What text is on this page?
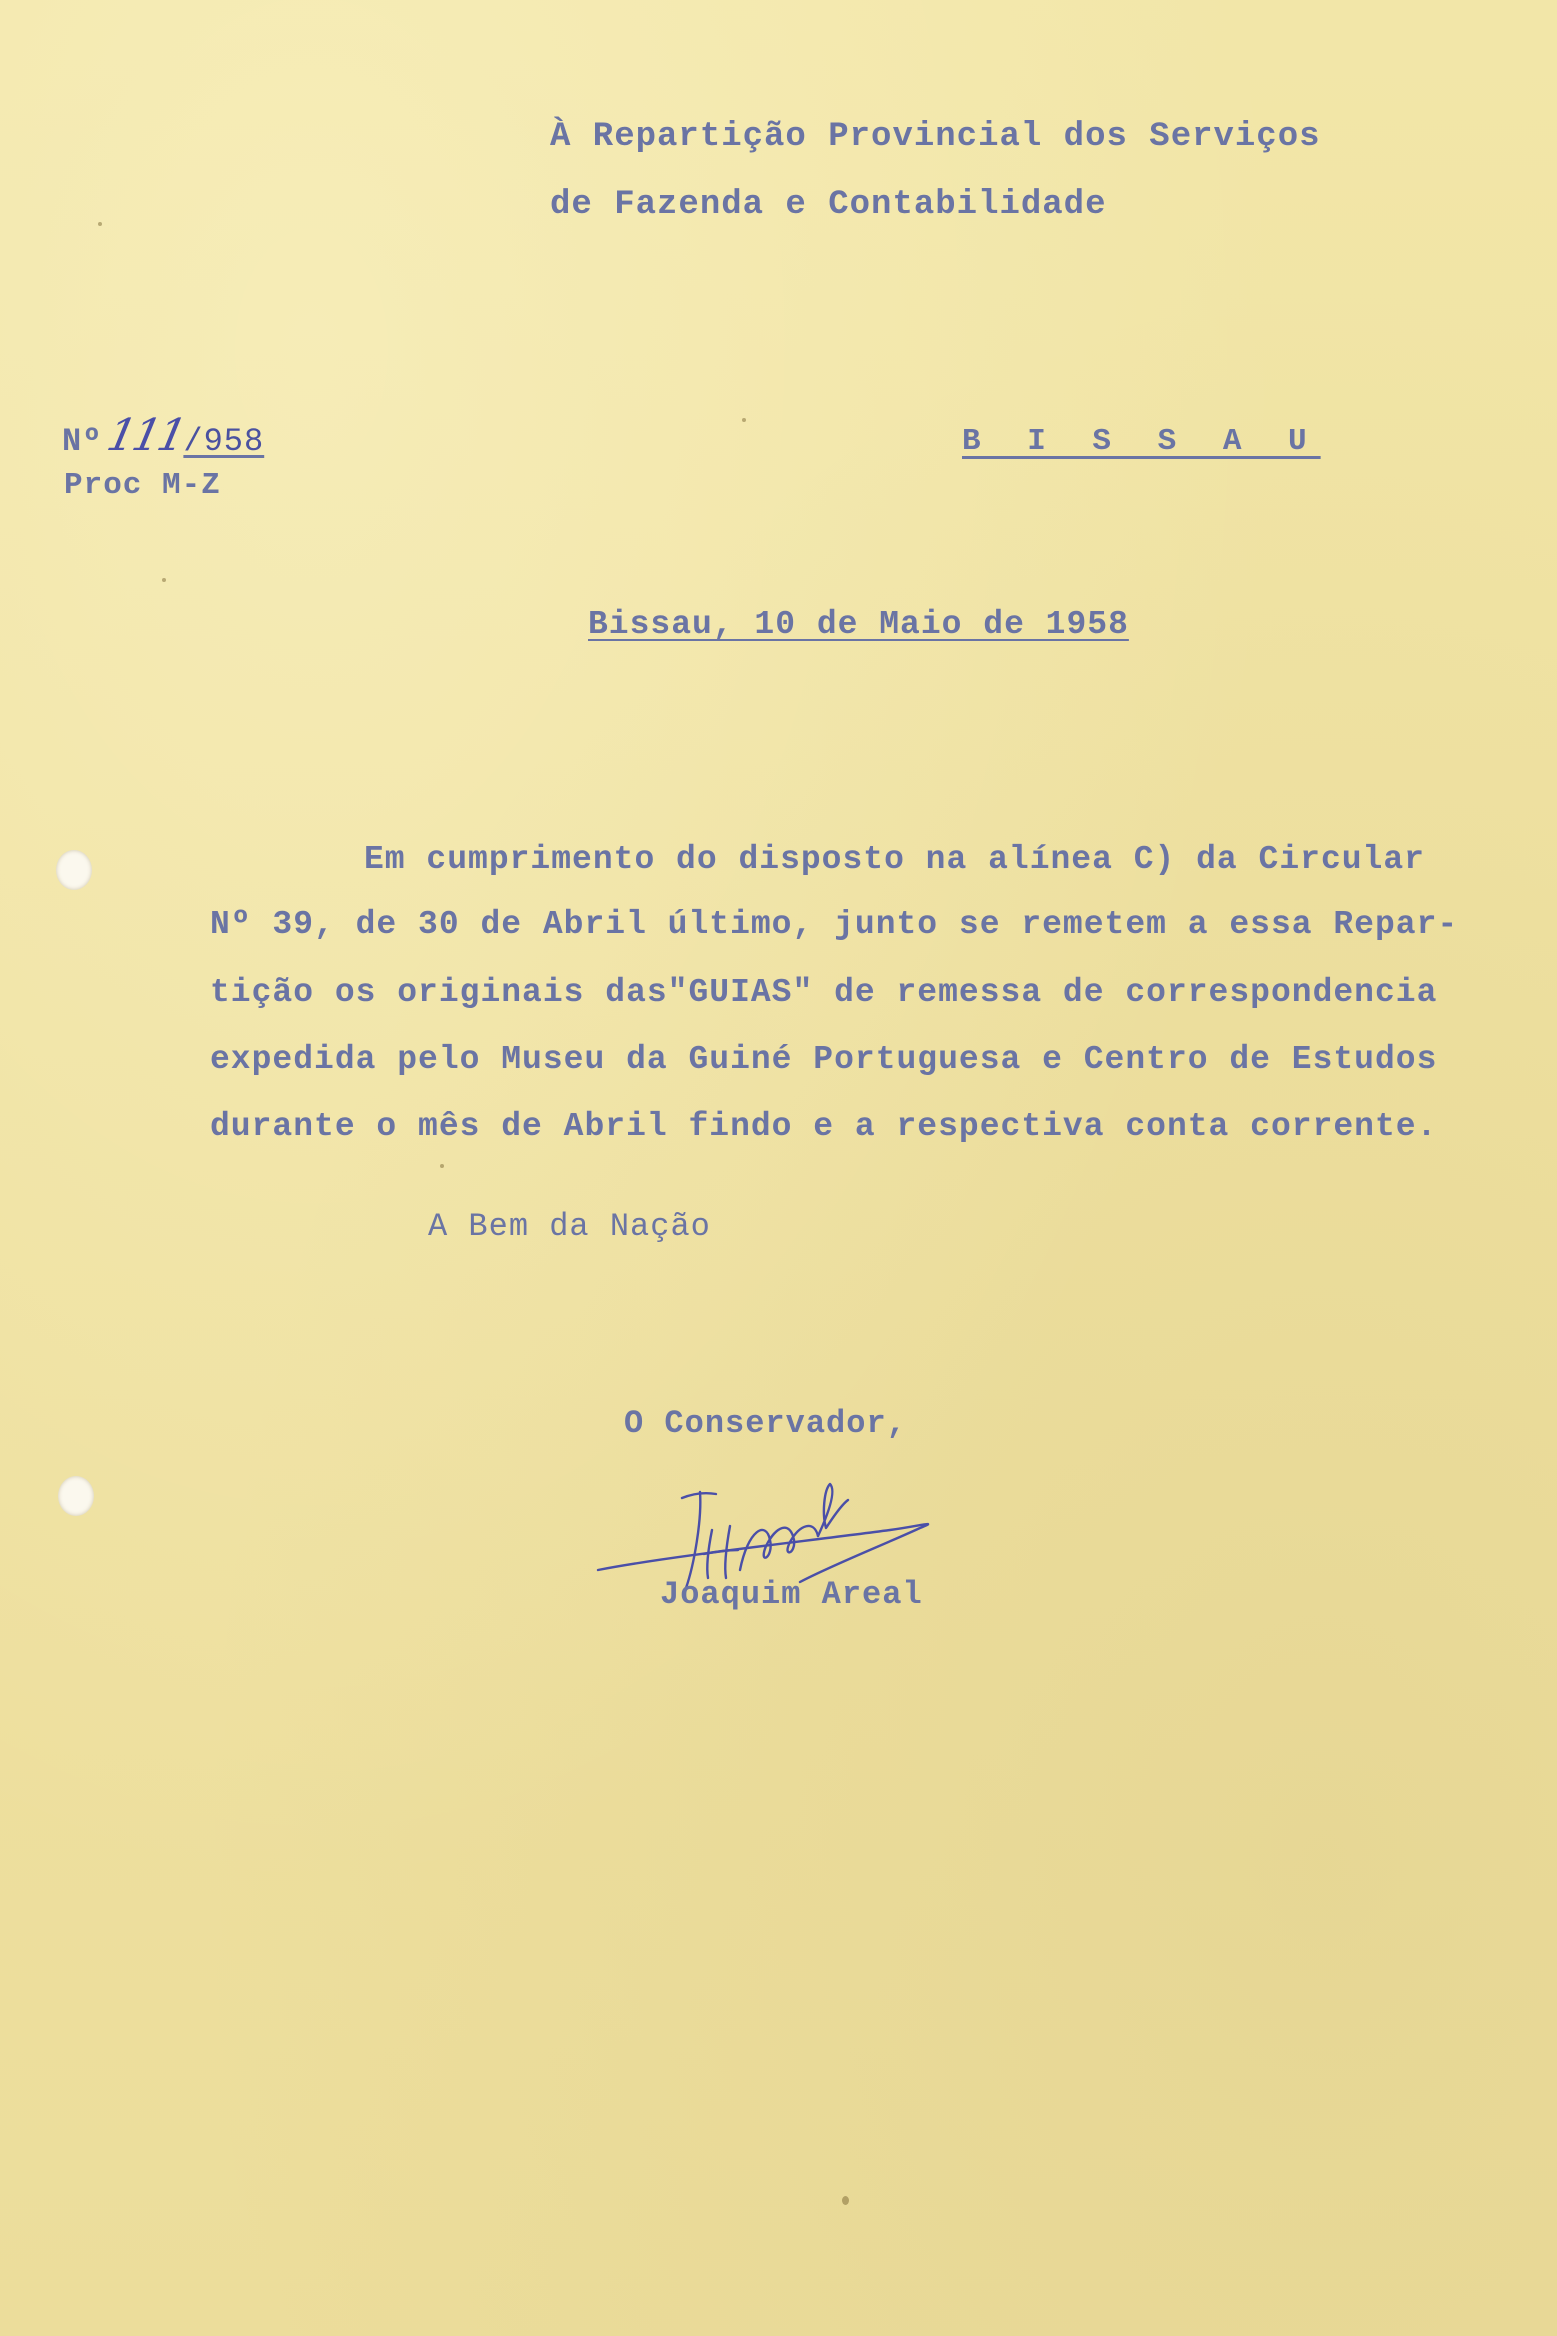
À Repartição Provincial dos Serviços
de Fazenda e Contabilidade
Nº111/958
Proc M-Z
B I S S A U
Bissau, 10 de Maio de 1958
Em cumprimento do disposto na alínea C) da Circular
Nº 39, de 30 de Abril último, junto se remetem a essa Repar-
tição os originais das"GUIAS" de remessa de correspondencia
expedida pelo Museu da Guiné Portuguesa e Centro de Estudos
durante o mês de Abril findo e a respectiva conta corrente.
A Bem da Nação
O Conservador,
Joaquim Areal
